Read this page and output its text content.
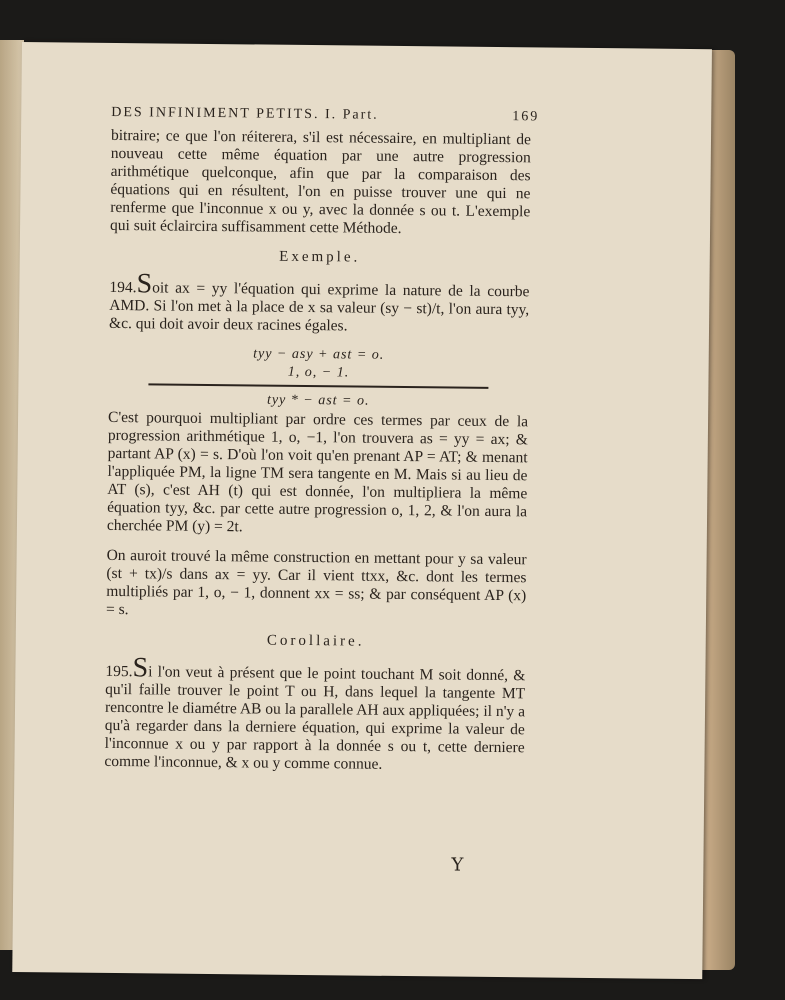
DES INFINIMENT PETITS. I. Part.	169

bitraire; ce que l'on réiterera, s'il est nécessaire, en multipliant de nouveau cette même équation par une autre progression arithmétique quelconque, afin que par la comparaison des équations qui en résultent, l'on en puisse trouver une qui ne renferme que l'inconnue x ou y, avec la donnée s ou t. L'exemple qui suit éclaircira suffisamment cette Méthode.

Exemple.

194.Soit ax = yy l'équation qui exprime la nature de la courbe AMD. Si l'on met à la place de x sa valeur (sy − st)/t, l'on aura tyy, &c. qui doit avoir deux racines égales.

tyy − asy + ast = o.
1, o, − 1.
tyy * − ast = o.

C'est pourquoi multipliant par ordre ces termes par ceux de la progression arithmétique 1, o, −1, l'on trouvera as = yy = ax; & partant AP (x) = s. D'où l'on voit qu'en prenant AP = AT; & menant l'appliquée PM, la ligne TM sera tangente en M. Mais si au lieu de AT (s), c'est AH (t) qui est donnée, l'on multipliera la même équation tyy, &c. par cette autre progression o, 1, 2, & l'on aura la cherchée PM (y) = 2t.

On auroit trouvé la même construction en mettant pour y sa valeur (st + tx)/s dans ax = yy. Car il vient ttxx, &c. dont les termes multipliés par 1, o, − 1, donnent xx = ss; & par conséquent AP (x) = s.

Corollaire.

195.Si l'on veut à présent que le point touchant M soit donné, & qu'il faille trouver le point T ou H, dans lequel la tangente MT rencontre le diamétre AB ou la parallele AH aux appliquées; il n'y a qu'à regarder dans la derniere équation, qui exprime la valeur de l'inconnue x ou y par rapport à la donnée s ou t, cette derniere comme l'inconnue, & x ou y comme connue.

Y
